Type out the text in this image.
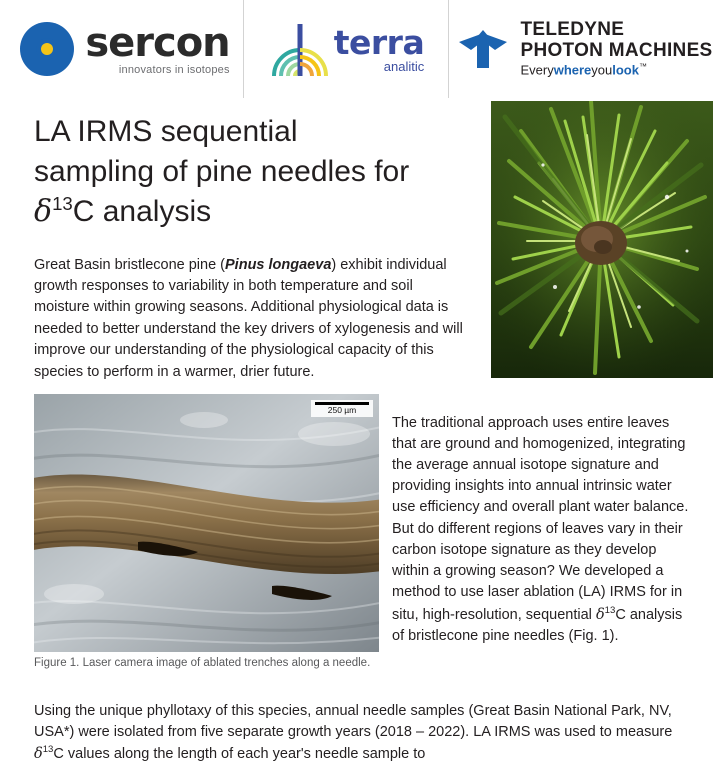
sercon
innovators in isotopes
terra
analitic
TELEDYNE
PHOTON MACHINES
Everywhereyoulook™
LA IRMS sequential
sampling of pine needles for
$\delta^{13}C$ analysis

Great Basin bristlecone pine (Pinus longaeva) exhibit individual growth responses to variability in both temperature and soil moisture within growing seasons. Additional physiological data is needed to better understand the key drivers of xylogenesis and will improve our understanding of the physiological capacity of this species to perform in a warmer, drier future.

250 µm
Figure 1. Laser camera image of ablated trenches along a needle.

The traditional approach uses entire leaves that are ground and homogenized, integrating the average annual isotope signature and providing insights into annual intrinsic water use efficiency and overall plant water balance. But do different regions of leaves vary in their carbon isotope signature as they develop within a growing season? We developed a method to use laser ablation (LA) IRMS for in situ, high-resolution, sequential $\delta^{13}C$ analysis of bristlecone pine needles (Fig. 1).

Using the unique phyllotaxy of this species, annual needle samples (Great Basin National Park, NV, USA*) were isolated from five separate growth years (2018 – 2022). LA IRMS was used to measure $\delta^{13}C$ values along the length of each year's needle sample to
